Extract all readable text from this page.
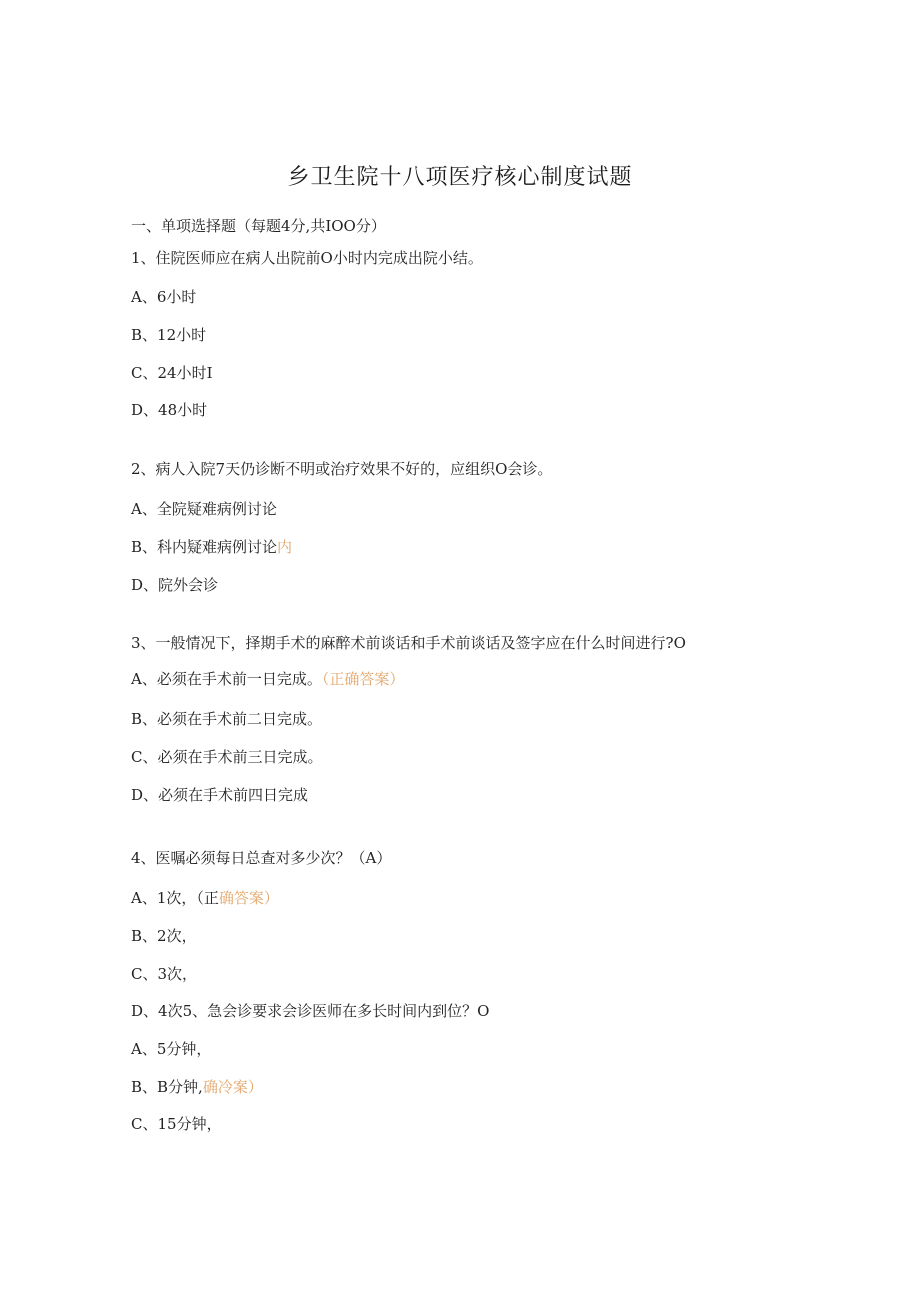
乡卫生院十八项医疗核心制度试题
一、单项选择题（每题4分,共IOO分）
1、住院医师应在病人出院前O小时内完成出院小结。
A、6小时
B、12小时
C、24小时I
D、48小时
2、病人入院7天仍诊断不明或治疗效果不好的，应组织O会诊。
A、全院疑难病例讨论
B、科内疑难病例讨论内
D、院外会诊
3、一般情况下，择期手术的麻醉术前谈话和手术前谈话及签字应在什么时间进行?O
A、必须在手术前一日完成。（正确答案）
B、必须在手术前二日完成。
C、必须在手术前三日完成。
D、必须在手术前四日完成
4、医嘱必须每日总查对多少次？（A）
A、1次，（正确答案）
B、2次，
C、3次，
D、4次5、急会诊要求会诊医师在多长时间内到位？O
A、5分钟，
B、B分钟,确冷案）
C、15分钟，
